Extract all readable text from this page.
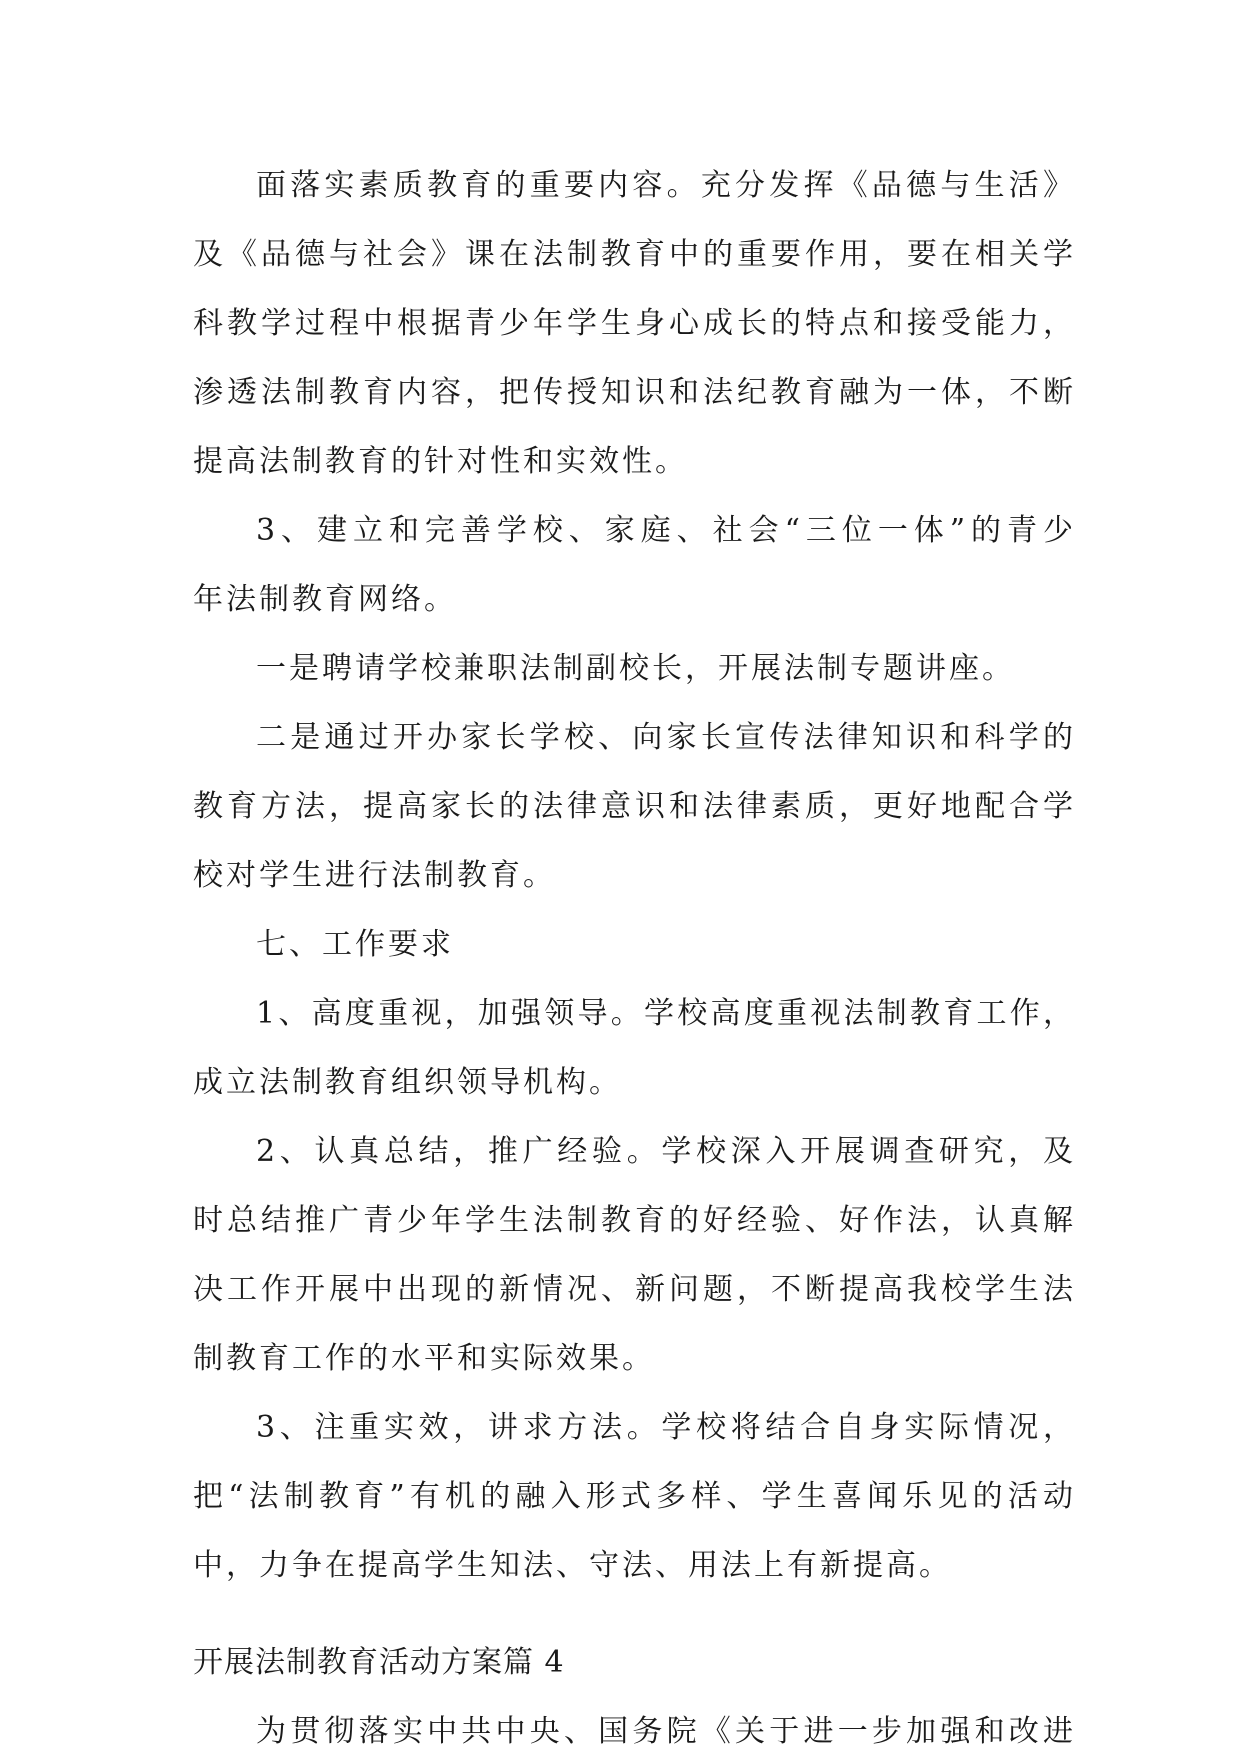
面落实素质教育的重要内容。充分发挥《品德与生活》
及《品德与社会》课在法制教育中的重要作用，要在相关学
科教学过程中根据青少年学生身心成长的特点和接受能力，
渗透法制教育内容，把传授知识和法纪教育融为一体，不断
提高法制教育的针对性和实效性。
3、建立和完善学校、家庭、社会“三位一体”的青少
年法制教育网络。
一是聘请学校兼职法制副校长，开展法制专题讲座。
二是通过开办家长学校、向家长宣传法律知识和科学的
教育方法，提高家长的法律意识和法律素质，更好地配合学
校对学生进行法制教育。
七、工作要求
1、高度重视，加强领导。学校高度重视法制教育工作，
成立法制教育组织领导机构。
2、认真总结，推广经验。学校深入开展调查研究，及
时总结推广青少年学生法制教育的好经验、好作法，认真解
决工作开展中出现的新情况、新问题，不断提高我校学生法
制教育工作的水平和实际效果。
3、注重实效，讲求方法。学校将结合自身实际情况，
把“法制教育”有机的融入形式多样、学生喜闻乐见的活动
中，力争在提高学生知法、守法、用法上有新提高。
开展法制教育活动方案篇 4
为贯彻落实中共中央、国务院《关于进一步加强和改进
